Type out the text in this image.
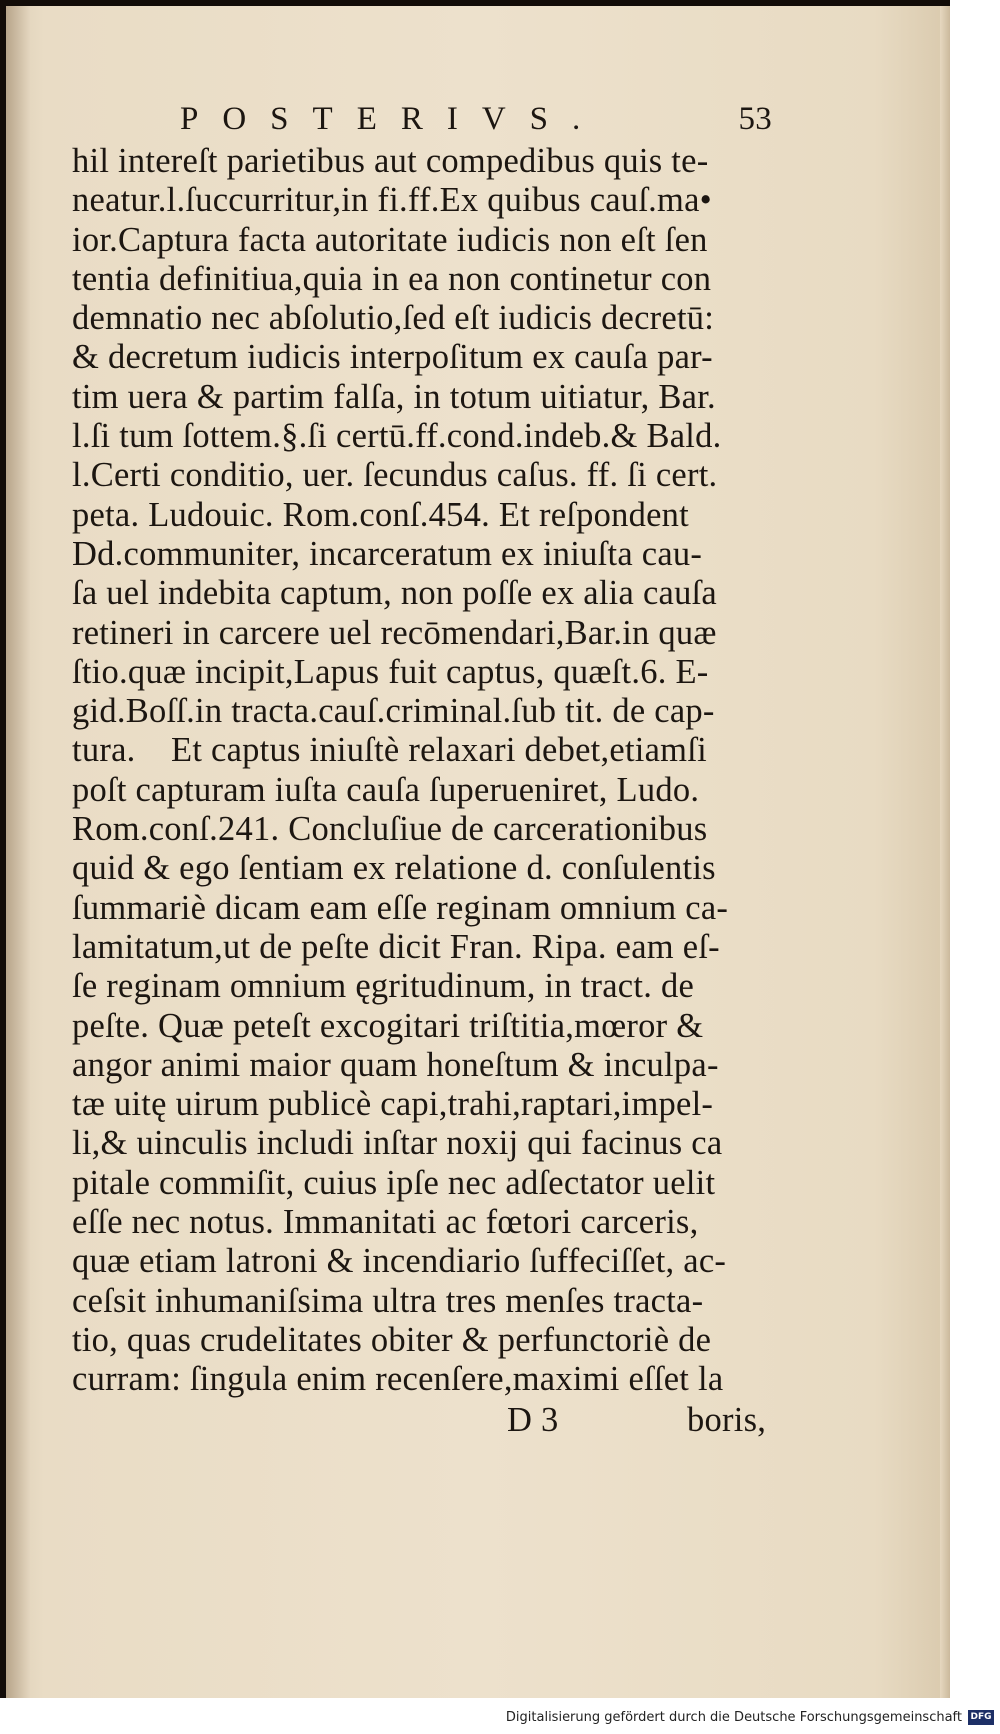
POSTERIVS.	53
hil intereſt parietibus aut compedibus quis te-
neatur.l.ſuccurritur,in fi.ff.Ex quibus cauſ.ma•
ior.Captura facta autoritate iudicis non eſt ſen
tentia definitiua,quia in ea non continetur con
demnatio nec abſolutio,ſed eſt iudicis decretū:
& decretum iudicis interpoſitum ex cauſa par-
tim uera & partim falſa, in totum uitiatur, Bar.
l.ſi tum ſottem.§.ſi certū.ff.cond.indeb.& Bald.
l.Certi conditio, uer. ſecundus caſus. ff. ſi cert.
peta. Ludouic. Rom.conſ.454. Et reſpondent
Dd.communiter, incarceratum ex iniuſta cau-
ſa uel indebita captum, non poſſe ex alia cauſa
retineri in carcere uel recōmendari,Bar.in quæ
ſtio.quæ incipit,Lapus fuit captus, quæſt.6. E-
gid.Boſſ.in tracta.cauſ.criminal.ſub tit. de cap-
tura.    Et captus iniuſtè relaxari debet,etiamſi
poſt capturam iuſta cauſa ſuperueniret, Ludo.
Rom.conſ.241. Concluſiue de carcerationibus
quid & ego ſentiam ex relatione d. conſulentis
ſummariè dicam eam eſſe reginam omnium ca-
lamitatum,ut de peſte dicit Fran. Ripa. eam eſ-
ſe reginam omnium ęgritudinum, in tract. de
peſte. Quæ peteſt excogitari triſtitia,mœror &
angor animi maior quam honeſtum & inculpa-
tæ uitę uirum publicè capi,trahi,raptari,impel-
li,& uinculis includi inſtar noxij qui facinus ca
pitale commiſit, cuius ipſe nec adſectator uelit
eſſe nec notus. Immanitati ac fœtori carceris,
quæ etiam latroni & incendiario ſuffeciſſet, ac-
ceſsit inhumaniſsima ultra tres menſes tracta-
tio, quas crudelitates obiter & perfunctoriè de
curram: ſingula enim recenſere,maximi eſſet la
D 3	boris,
Digitalisierung gefördert durch die Deutsche Forschungsgemeinschaft DFG
